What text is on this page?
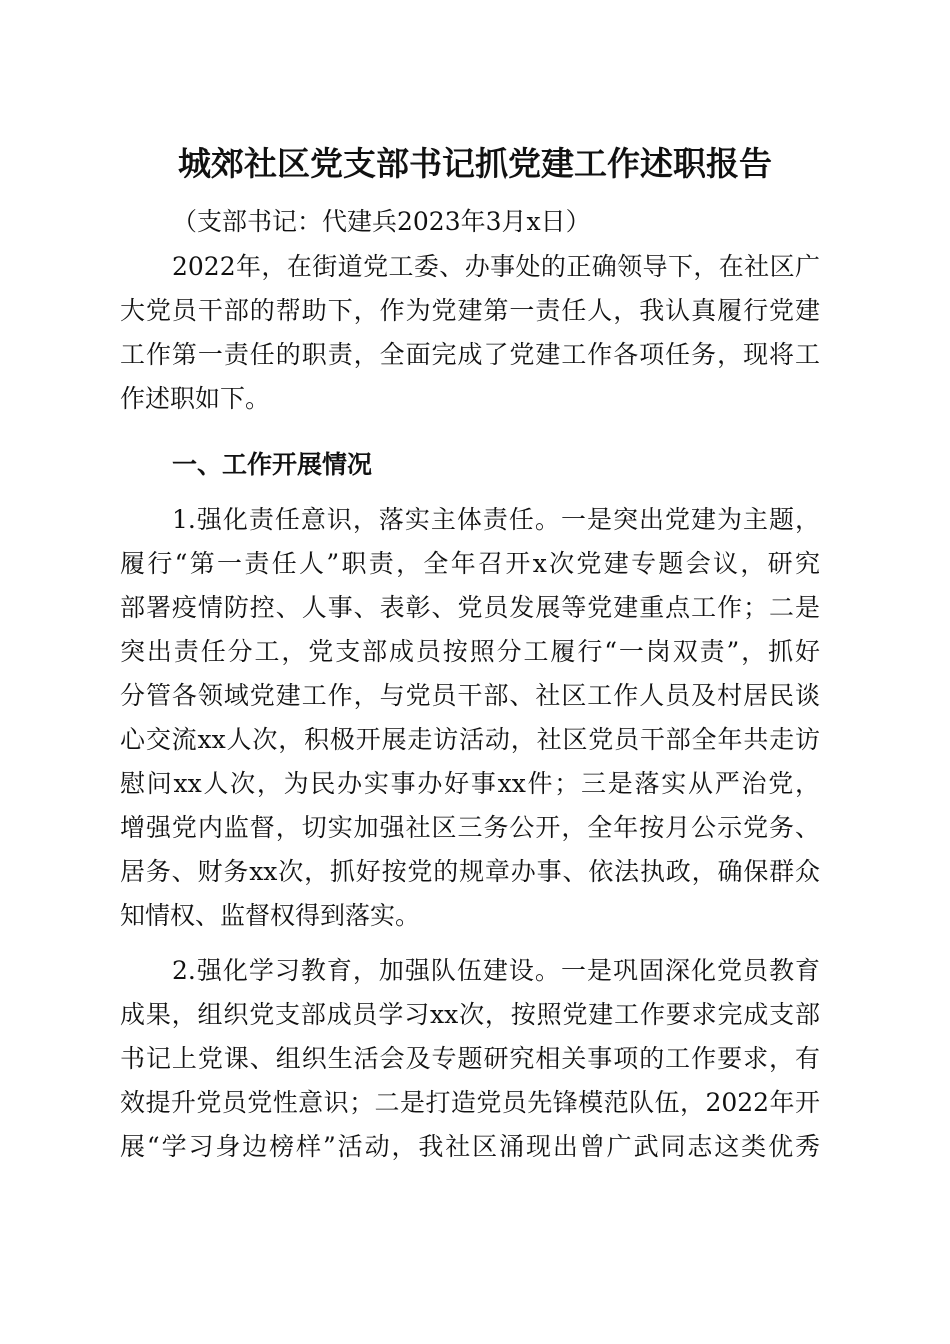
城郊社区党支部书记抓党建工作述职报告
（支部书记：代建兵2023年3月x日）
2022年，在街道党工委、办事处的正确领导下，在社区广
大党员干部的帮助下，作为党建第一责任人，我认真履行党建
工作第一责任的职责，全面完成了党建工作各项任务，现将工
作述职如下。
一、工作开展情况
1.强化责任意识，落实主体责任。一是突出党建为主题，
履行“第一责任人”职责，全年召开x次党建专题会议，研究
部署疫情防控、人事、表彰、党员发展等党建重点工作；二是
突出责任分工，党支部成员按照分工履行“一岗双责”，抓好
分管各领域党建工作，与党员干部、社区工作人员及村居民谈
心交流xx人次，积极开展走访活动，社区党员干部全年共走访
慰问xx人次，为民办实事办好事xx件；三是落实从严治党，
增强党内监督，切实加强社区三务公开，全年按月公示党务、
居务、财务xx次，抓好按党的规章办事、依法执政，确保群众
知情权、监督权得到落实。
2.强化学习教育，加强队伍建设。一是巩固深化党员教育
成果，组织党支部成员学习xx次，按照党建工作要求完成支部
书记上党课、组织生活会及专题研究相关事项的工作要求，有
效提升党员党性意识；二是打造党员先锋模范队伍，2022年开
展“学习身边榜样”活动，我社区涌现出曾广武同志这类优秀
